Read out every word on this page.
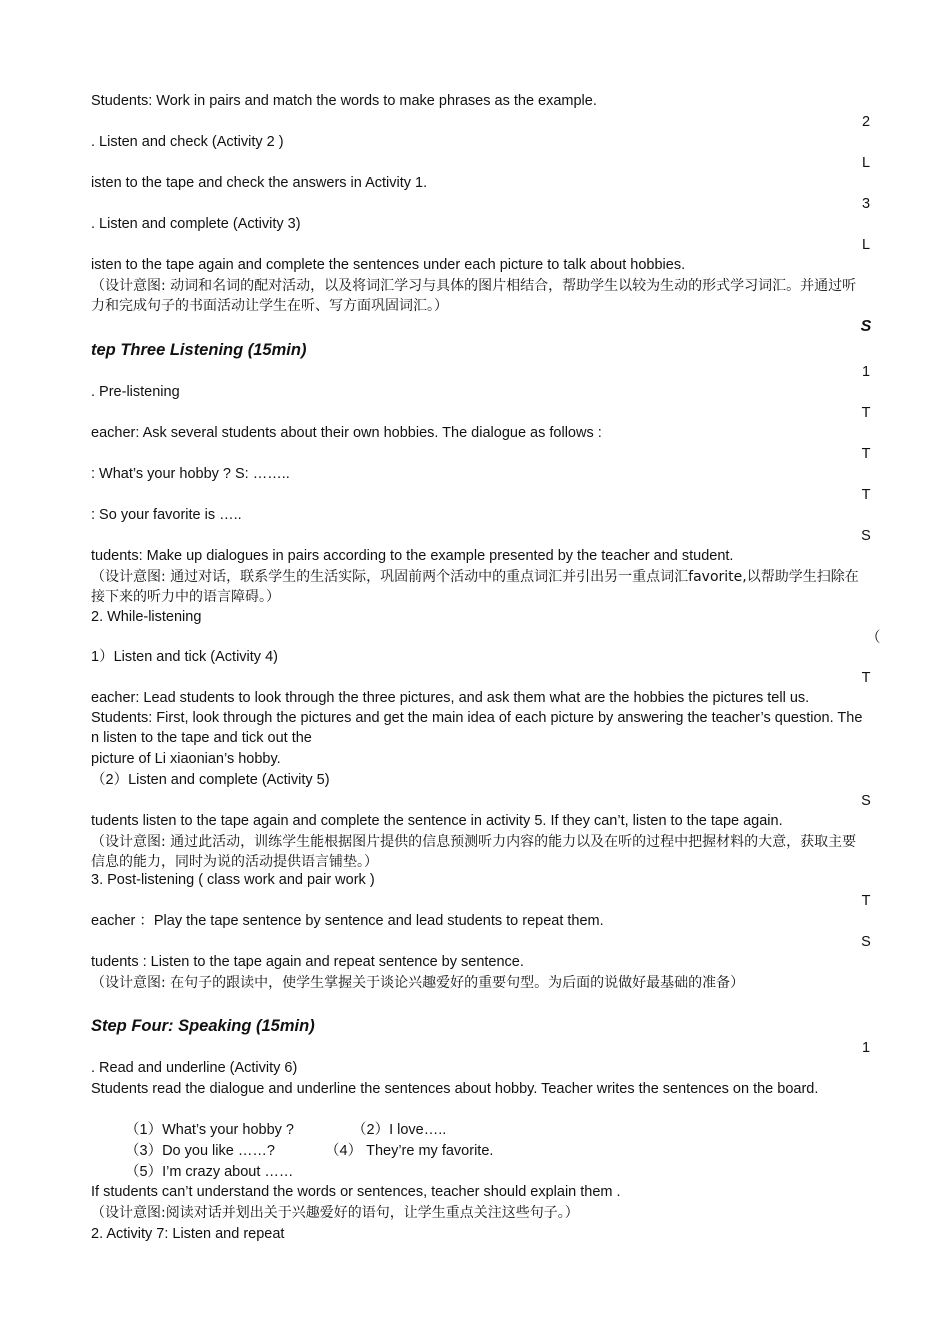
Students: Work in pairs and match the words to make phrases as the example.
2
. Listen and check (Activity 2 )
L
isten to the tape and check the answers in Activity 1.
3
. Listen and complete (Activity 3)
L
isten to the tape again and complete the sentences under each picture to talk about hobbies.
（设计意图: 动词和名词的配对活动，以及将词汇学习与具体的图片相结合，帮助学生以较为生动的形式学习词汇。并通过听力和完成句子的书面活动让学生在听、写方面巩固词汇。）
S
tep Three Listening (15min)
1
. Pre-listening
T
eacher: Ask several students about their own hobbies. The dialogue as follows :
T
: What’s your hobby ? S: ……..
T
: So your favorite is …..
S
tudents: Make up dialogues in pairs according to the example presented by the teacher and student.
（设计意图: 通过对话，联系学生的生活实际，巩固前两个活动中的重点词汇并引出另一重点词汇favorite,以帮助学生扫除在接下来的听力中的语言障碍。）
2. While-listening
（
1）Listen and tick (Activity 4)
T
eacher: Lead students to look through the three pictures, and ask them what are the hobbies the pictures tell us.
Students: First, look through the pictures and get the main idea of each picture by answering the teacher’s question. Then listen to the tape and tick out the
picture of Li xiaonian’s hobby.
（2）Listen and complete (Activity 5)
S
tudents listen to the tape again and complete the sentence in activity 5. If they can’t, listen to the tape again.
（设计意图: 通过此活动，训练学生能根据图片提供的信息预测听力内容的能力以及在听的过程中把握材料的大意，获取主要信息的能力，同时为说的活动提供语言铺垫。）
3. Post-listening ( class work and pair work )
T
eacher ：Play the tape sentence by sentence and lead students to repeat them.
S
tudents : Listen to the tape again and repeat sentence by sentence.
（设计意图: 在句子的跟读中，使学生掌握关于谈论兴趣爱好的重要句型。为后面的说做好最基础的准备）
Step Four: Speaking (15min)
1
. Read and underline (Activity 6)
Students read the dialogue and underline the sentences about hobby. Teacher writes the sentences on the board.
（1）What’s your hobby ?	（2）I love…..
（3）Do you like ……?	（4） They’re my favorite.
（5）I’m crazy about ……
If students can’t understand the words or sentences, teacher should explain them .
（设计意图:阅读对话并划出关于兴趣爱好的语句，让学生重点关注这些句子。）
2. Activity 7: Listen and repeat
